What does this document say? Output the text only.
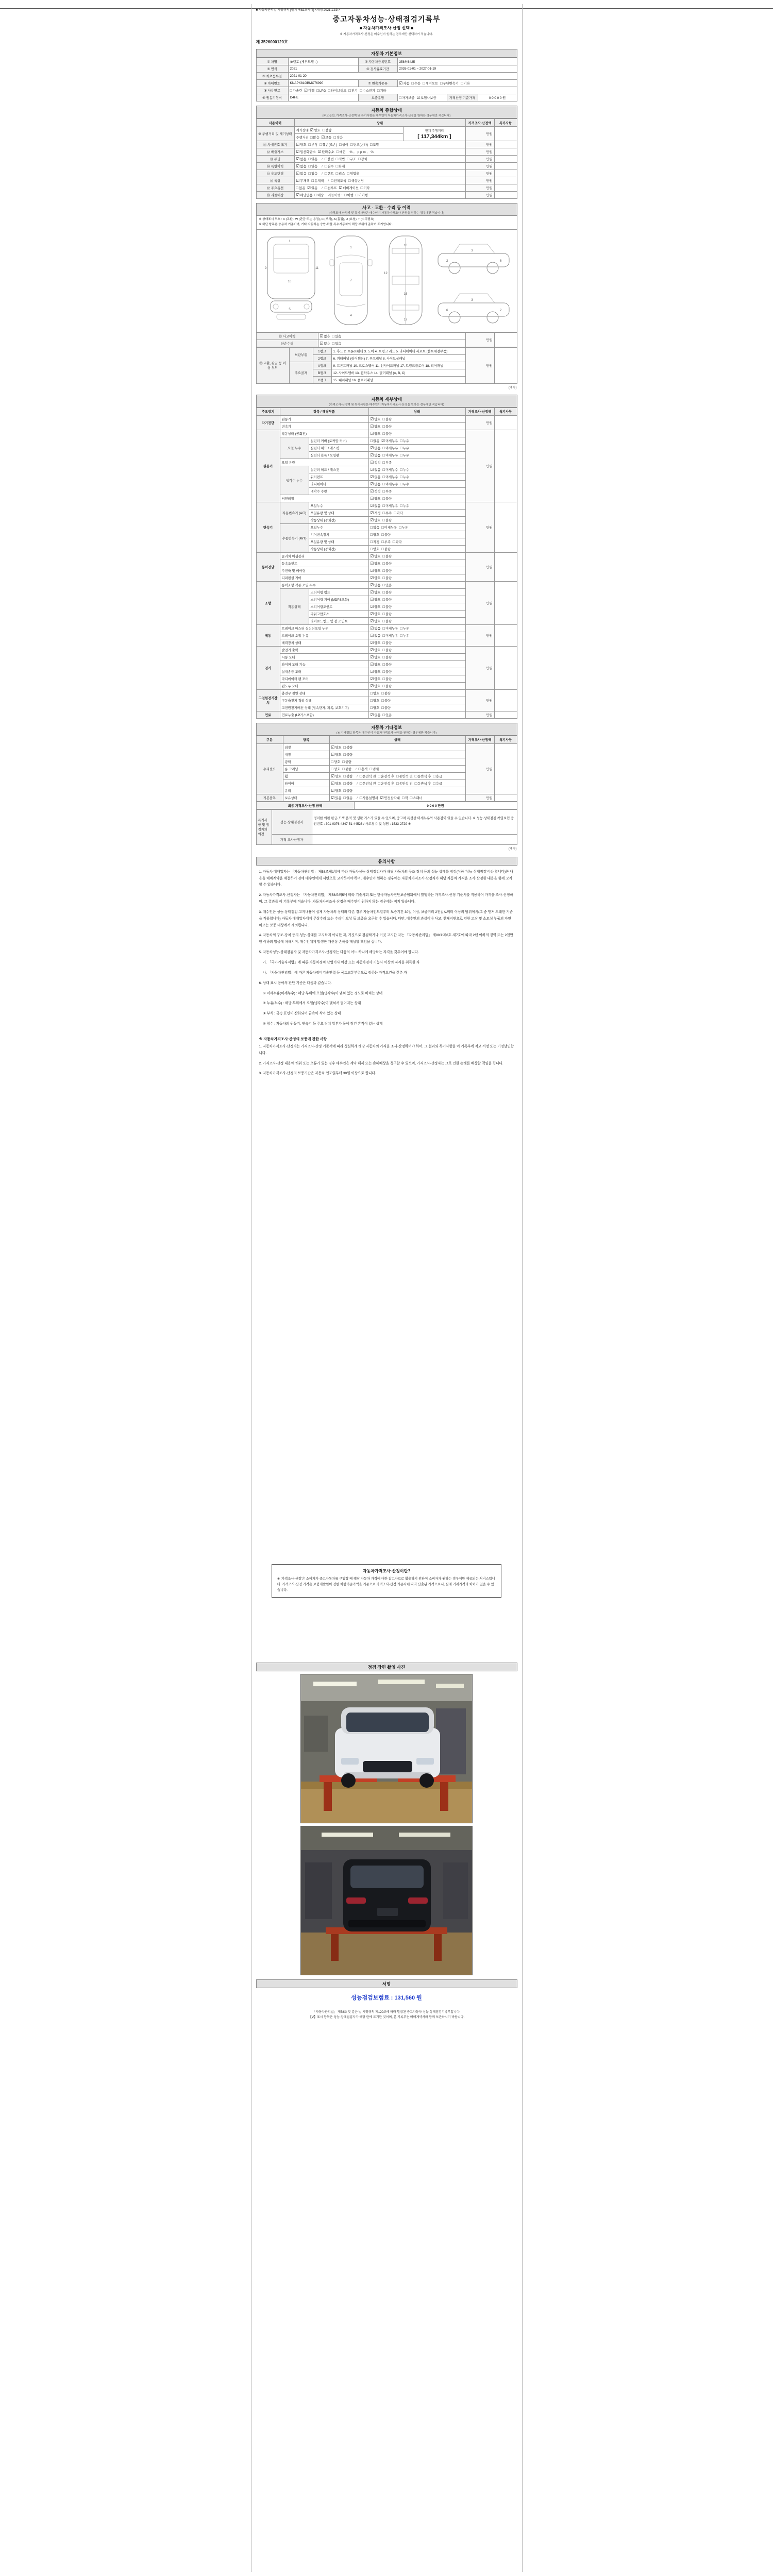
■ 자동차관리법 시행규칙 [별지 제82호서식] <개정 2021.1.19.>
중고자동차성능·상태점검기록부
■ 자동차가격조사·산정 선택 ■
※ 자동차가격조사·산정은 매수인이 원하는 경우에만 선택하여 적습니다.
제 3526000120호
자동차 기본정보
① 차명	쏘렌토 (세부모델 : )	② 자동차등록번호	358허6425		
③ 연식	2021	④ 검사유효기간	2026-01-01 ~ 2027-01-19		
⑤ 최초등록일	2021-01-20				
⑥ 차대번호	KNAPX81GBMC76990	⑦ 변속기종류	☑자동 □수동 □세미오토 □무단변속기 □기타		
⑧ 사용연료	□가솔린 ☑디젤 □LPG □하이브리드 □전기 □수소전기 □기타				
⑨ 원동기형식	D4HE	보증유형	□자가보증 ☑보험사보증	가격산정 기준가격	0 0 0 0 0 원
자동차 종합상태
(주요옵션, 가격조사·산정액 및 특기사항은 매수인이 자동차가격조사·산정을 원하는 경우에만 적습니다)
사용이력	상태		가격조사·산정액	특기사항
⑩ 주행거리 및 계기상태	계기상태 ☑양호 □불량	현재 주행거리
[ 117,344km ]	만원	
	주행거리 □많음 ☑보통 □적음			
⑪ 차대번호 표기	☑양호 □부식 □훼손(오손) □상이 □변조(변타) □도말		만원	
⑫ 배출가스	☑일산화탄소 ☑탄화수소 □매연 %, ppm, %		만원	
⑬ 튜닝	☑없음 □있음 / □불법 □적법 □구조 □장치		만원	
⑭ 특별이력	☑없음 □있음 / □침수 □화재		만원	
⑮ 용도변경	☑없음 □있음 / □렌트 □리스 □영업용		만원	
⑯ 색상	☑무채색 □유채색 / □전체도색 □색상변경		만원	
⑰ 주요옵션	□없음 ☑있음 / □썬루프 ☑네비게이션 □기타		만원	
⑱ 리콜대상	☑해당없음 □해당 리콜이행 : □이행 □미이행		만원	
사고 · 교환 · 수리 등 이력
(가격조사·산정액 및 특기사항은 매수인이 자동차가격조사·산정을 원하는 경우에만 적습니다)
※ 상태표시 부호 : X (교환), W (판금 또는 용접), C (부식), A (흠집), U (요철), T (수리필요)
※ 하단 항목은 승용차 기준이며, 기타 자동차는 승합·화물·특수자동차의 해당 부위에 준하여 표기합니다.
1
9
10
11
5
1
7
4
10
12
16
17
2
3
6
6
3
2
⑲ 사고이력	☑없음 □있음	만원	
단순수리	☑없음 □있음		
⑳ 교환, 판금 등 이상 부위	외판부위	1랭크	1. 후드 2. 프론트휀더 3. 도어 4. 트렁크 리드 5. 라디에이터 서포트 (볼트체결부품)	만원	
		2랭크	6. 쿼터패널 (리어휀더) 7. 루프패널 8. 사이드실패널		
	주요골격	A랭크	9. 프론트패널 10. 크로스멤버 11. 인사이드패널 17. 트렁크플로어 18. 리어패널		
		B랭크	12. 사이드멤버 13. 휠하우스 14. 필러패널 (A, B, C)		
		C랭크	15. 대쉬패널 16. 플로어패널		
(계속)
자동차 세부상태
(가격조사·산정액 및 특기사항은 매수인이 자동차가격조사·산정을 원하는 경우에만 적습니다)
주요장치	항목 / 해당부품		상태	가격조사·산정액	특기사항
자기진단	원동기		☑양호 □불량	만원	
	변속기		☑양호 □불량		
원동기	작동상태 (공회전)		☑양호 □불량	만원	
	오일 누수	실린더 커버 (로커암 커버)	□없음 ☑미세누유 □누유		
		실린더 헤드 / 개스킷	☑없음 □미세누유 □누유		
		실린더 블록 / 오일팬	☑없음 □미세누유 □누유		
	오일 유량		☑적정 □부족		
	냉각수 누수	실린더 헤드 / 개스킷	☑없음 □미세누수 □누수		
		워터펌프	☑없음 □미세누수 □누수		
		라디에이터	☑없음 □미세누수 □누수		
		냉각수 수량	☑적정 □부족		
	커먼레일		☑양호 □불량		
변속기	자동변속기 (A/T)	오일누수	☑없음 □미세누유 □누유	만원	
		오일유량 및 상태	☑적정 □부족 □과다		
		작동상태 (공회전)	☑양호 □불량		
	수동변속기 (M/T)	오일누수	□없음 □미세누유 □누유		
		기어변속장치	□양호 □불량		
		오일유량 및 상태	□적정 □부족 □과다		
		작동상태 (공회전)	□양호 □불량		
동력전달	클러치 어셈블리		☑양호 □불량	만원	
	등속조인트		☑양호 □불량		
	추진축 및 베어링		☑양호 □불량		
	디퍼렌셜 기어		☑양호 □불량		
조향	동력조향 작동 오일 누수		☑없음 □있음	만원	
	작동상태	스티어링 펌프	☑양호 □불량		
		스티어링 기어 (MDPS포함)	☑양호 □불량		
		스티어링조인트	☑양호 □불량		
		파워고압호스	☑양호 □불량		
		타이로드엔드 및 볼 조인트	☑양호 □불량		
제동	브레이크 마스터 실린더오일 누유		☑없음 □미세누유 □누유	만원	
	브레이크 오일 누유		☑없음 □미세누유 □누유		
	배력장치 상태		☑양호 □불량		
전기	발전기 출력		☑양호 □불량	만원	
	시동 모터		☑양호 □불량		
	와이퍼 모터 기능		☑양호 □불량		
	실내송풍 모터		☑양호 □불량		
	라디에이터 팬 모터		☑양호 □불량		
	윈도우 모터		☑양호 □불량		
고전원전기장치	충전구 절연 상태		□양호 □불량	만원	
	구동축전지 격리 상태		□양호 □불량		
	고전원전기배선 상태 (접속단자, 피복, 보호기구)		□양호 □불량		
연료	연료누출 (LP가스포함)		☑없음 □있음	만원	
자동차 기타정보
(※ 기타정보 항목은 매수인이 자동차가격조사·산정을 원하는 경우에만 적습니다)
구분	항목	상태	가격조사·산정액	특기사항
수리필요	외장	☑양호 □불량	만원	
	내장	☑양호 □불량		
	광택	□양호 □불량		
	룸 크리닝	□양호 □불량 / □흔적 □냄새		
	휠	☑양호 □불량 / □운전석 전 □운전석 후 □동반석 전 □동반석 후 □응급		
	타이어	☑양호 □불량 / □운전석 전 □운전석 후 □동반석 전 □동반석 후 □응급		
	유리	☑양호 □불량		
기본품목	보유상태	☑있음 □없음 / □사용설명서 ☑안전삼각대 □잭 □스패너	만원	
최종 가격조사·산정 금액	0 0 0 0 만원
특기사항 및 점검자의 의견	성능·상태점검자	경미한 외판 판금·도색 흔적 및 생활 기스가 있을 수 있으며, 중고차 특성상 미세누유와 사용감이 있을 수 있습니다. ※ 성능·상태점검 책임보험 증권번호 : 301-0376-4347-51-44526 / 사고접수 및 상담 : 1533-2729 ※
	가격·조사산정자	
(계속)
유의사항
1. 자동차 매매업자는 「자동차관리법」 제58조제1항에 따라 자동차성능·상태점검자가 해당 자동차의 구조·장치 등의 성능·상태를 점검(이하 '성능·상태점검'이라 합니다)한 내용을 매매계약을 체결하기 전에 매수인에게 서면으로 고지하여야 하며, 매수인이 원하는 경우에는 자동차가격조사·산정자가 해당 자동차 가격을 조사·산정한 내용을 함께 고지할 수 있습니다.
2. 자동차가격조사·산정자는 「자동차관리법」 제58조의5에 따라 기술사회 또는 한국자동차진단보증협회에서 발행하는 가격조사·산정 기준서를 적용하여 가격을 조사·산정하며, 그 결과를 이 기록부에 적습니다. 자동차가격조사·산정은 매수인이 원하지 않는 경우에는 적지 않습니다.
3. 매수인은 성능·상태점검 고지내용이 실제 자동차의 상태와 다른 경우 자동차인도일부터 보증기간 30일 이상, 보증거리 2천킬로미터 이상의 범위에서(그 중 먼저 도래한 기준을 적용합니다) 자동차 매매업자에게 무상수리 또는 수리비 보상 등 보증을 요구할 수 있습니다. 다만, 매수인의 과실이나 사고, 천재지변으로 인한 고장 및 소모성 부품의 자연 마모는 보증 대상에서 제외됩니다.
4. 자동차의 구조·장치 등의 성능·상태를 고지하지 아니한 자, 거짓으로 점검하거나 거짓 고지한 자는 「자동차관리법」 제80조제6호·제7호에 따라 2년 이하의 징역 또는 2천만원 이하의 벌금에 처해지며, 매수인에게 발생한 재산상 손해를 배상할 책임을 집니다.
5. 자동차성능·상태점검자 및 자동차가격조사·산정자는 다음의 어느 하나에 해당하는 자격을 갖추어야 합니다.
가. 「국가기술자격법」에 따른 자동차정비 산업기사 이상 또는 자동차검사 기능사 이상의 자격을 취득한 자
나. 「자동차관리법」에 따른 자동차정비기술인력 등 국토교통부령으로 정하는 자격요건을 갖춘 자
6. 상태 표시 용어의 판단 기준은 다음과 같습니다.
① 미세누유(미세누수) : 해당 부위에 오일(냉각수)이 맺혀 있는 정도로 비치는 상태
② 누유(누수) : 해당 부위에서 오일(냉각수)이 맺혀서 떨어지는 상태
③ 부식 : 금속 표면이 산화되어 금속이 삭아 있는 상태
④ 침수 : 자동차의 원동기, 변속기 등 주요 장치 일부가 물에 잠긴 흔적이 있는 상태
※ 자동차가격조사·산정의 보증에 관한 사항
1. 자동차가격조사·산정자는 가격조사·산정 기준서에 따라 성실하게 해당 자동차의 가격을 조사·산정하여야 하며, 그 결과와 특기사항을 이 기록부에 적고 서명 또는 기명날인합니다.
2. 가격조사·산정 내용에 허위 또는 오류가 있는 경우 매수인은 계약 해제 또는 손해배상을 청구할 수 있으며, 가격조사·산정자는 그로 인한 손해를 배상할 책임을 집니다.
3. 자동차가격조사·산정의 보증기간은 자동차 인도일부터 30일 이상으로 합니다.
자동차가격조사·산정이란?
※ '가격조사·산정'은 소비자가 중고자동차를 구입할 때 해당 자동차 가격에 대한 참고자료로 활용하기 위하여 소비자가 원하는 경우에만 제공되는 서비스입니다. 가격조사·산정 가격은 보험개발원이 정한 차량기준가액을 기준으로 가격조사·산정 기준서에 따라 산출된 가격으로서, 실제 거래가격과 차이가 있을 수 있습니다.
점검 장면 촬영 사진
서명
성능점검보험료 : 131,560 원
「자동차관리법」 제58조 및 같은 법 시행규칙 제120조에 따라 발급된 중고자동차 성능·상태점검기록부입니다.
【Ⅴ】표시 항목은 성능·상태점검자가 해당 란에 표기한 것이며, 본 기록부는 매매계약서와 함께 보관하시기 바랍니다.
